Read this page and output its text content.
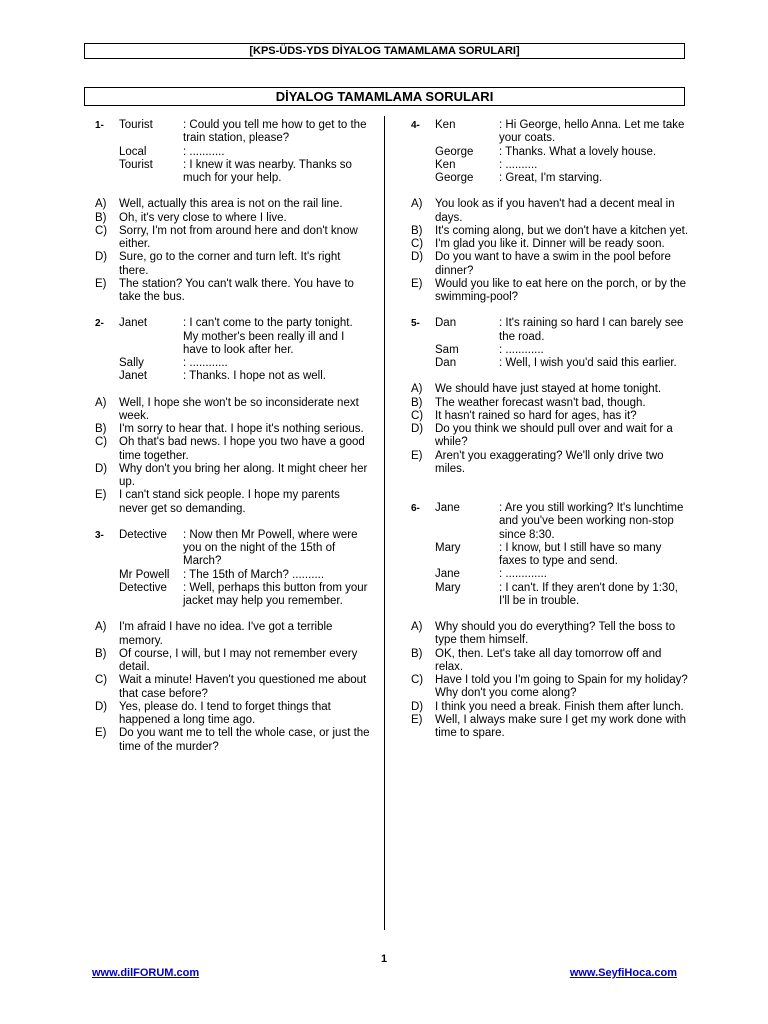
[KPS-ÜDS-YDS DİYALOG TAMAMLAMA SORULARI]
DİYALOG TAMAMLAMA SORULARI
1- Tourist	: Could you tell me how to get to the train station, please?
Local	: ...........
Tourist	: I knew it was nearby. Thanks so much for your help.
A)	Well, actually this area is not on the rail line.
B)	Oh, it's very close to where I live.
C)	Sorry, I'm not from around here and don't know either.
D)	Sure, go to the corner and turn left. It's right there.
E)	The station? You can't walk there. You have to take the bus.
2- Janet	: I can't come to the party tonight. My mother's been really ill and I have to look after her.
Sally	: ............
Janet	: Thanks. I hope not as well.
A)	Well, I hope she won't be so inconsiderate next week.
B)	I'm sorry to hear that. I hope it's nothing serious.
C)	Oh that's bad news. I hope you two have a good time together.
D)	Why don't you bring her along. It might cheer her up.
E)	I can't stand sick people. I hope my parents never get so demanding.
3- Detective	: Now then Mr Powell, where were you on the night of the 15th of March?
Mr Powell	: The 15th of March? ..........
Detective	: Well, perhaps this button from your jacket may help you remember.
A)	I'm afraid I have no idea. I've got a terrible memory.
B)	Of course, I will, but I may not remember every detail.
C)	Wait a minute! Haven't you questioned me about that case before?
D)	Yes, please do. I tend to forget things that happened a long time ago.
E)	Do you want me to tell the whole case, or just the time of the murder?
4- Ken	: Hi George, hello Anna. Let me take your coats.
George	: Thanks. What a lovely house.
Ken	: ..........
George	: Great, I'm starving.
A)	You look as if you haven't had a decent meal in days.
B)	It's coming along, but we don't have a kitchen yet.
C)	I'm glad you like it. Dinner will be ready soon.
D)	Do you want to have a swim in the pool before dinner?
E)	Would you like to eat here on the porch, or by the swimming-pool?
5- Dan	: It's raining so hard I can barely see the road.
Sam	: ............
Dan	: Well, I wish you'd said this earlier.
A)	We should have just stayed at home tonight.
B)	The weather forecast wasn't bad, though.
C)	It hasn't rained so hard for ages, has it?
D)	Do you think we should pull over and wait for a while?
E)	Aren't you exaggerating? We'll only drive two miles.
6- Jane	: Are you still working? It's lunchtime and you've been working non-stop since 8:30.
Mary	: I know, but I still have so many faxes to type and send.
Jane	: .............
Mary	: I can't. If they aren't done by 1:30, I'll be in trouble.
A)	Why should you do everything? Tell the boss to type them himself.
B)	OK, then. Let's take all day tomorrow off and relax.
C)	Have I told you I'm going to Spain for my holiday? Why don't you come along?
D)	I think you need a break. Finish them after lunch.
E)	Well, I always make sure I get my work done with time to spare.
1
www.dilFORUM.com	www.SeyfiHoca.com
